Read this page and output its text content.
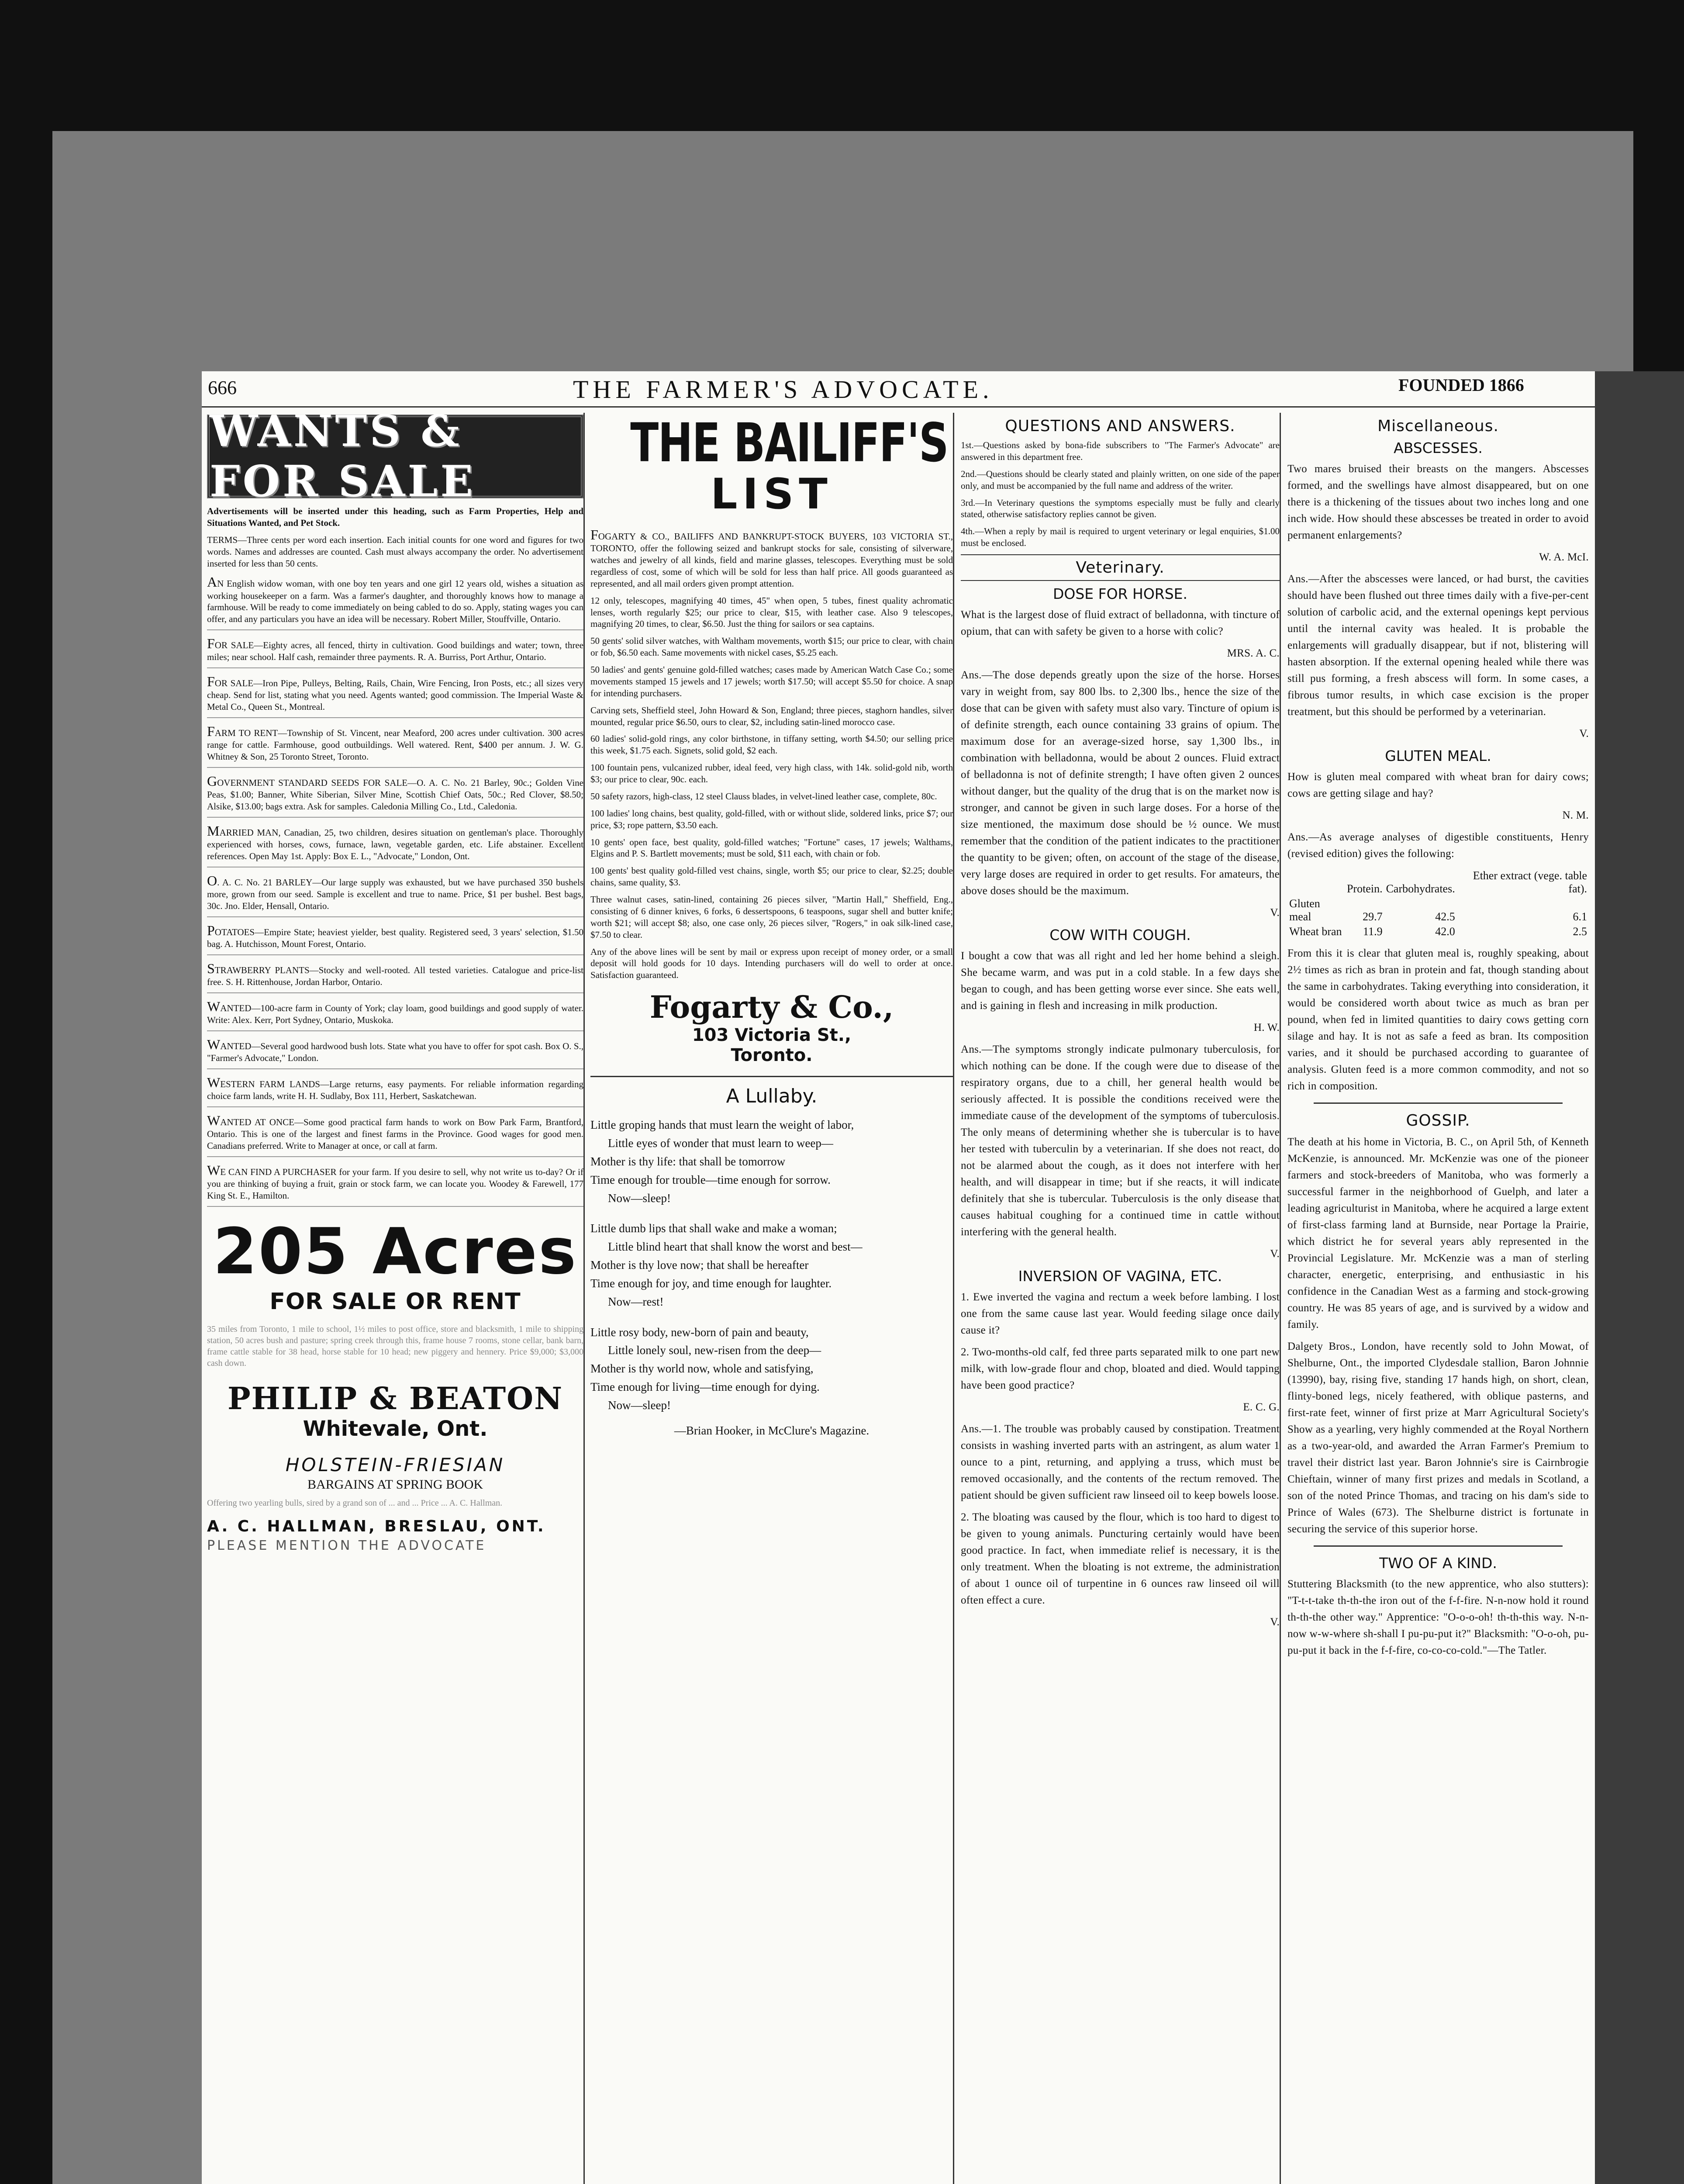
666	THE FARMER'S ADVOCATE.	FOUNDED 1866
WANTS & FOR SALE

Advertisements will be inserted under this heading, such as Farm Properties, Help and Situations Wanted, and Pet Stock.

TERMS—Three cents per word each insertion. Each initial counts for one word and figures for two words. Names and addresses are counted. Cash must always accompany the order. No advertisement inserted for less than 50 cents.

AN English widow woman, with one boy ten years and one girl 12 years old, wishes a situation as working housekeeper on a farm. Was a farmer's daughter, and thoroughly knows how to manage a farmhouse. Will be ready to come immediately on being cabled to do so. Apply, stating wages you can offer, and any particulars you have an idea will be necessary. Robert Miller, Stouffville, Ontario.

FOR SALE—Eighty acres, all fenced, thirty in cultivation. Good buildings and water; town, three miles; near school. Half cash, remainder three payments. R. A. Burriss, Port Arthur, Ontario.

FOR SALE—Iron Pipe, Pulleys, Belting, Rails, Chain, Wire Fencing, Iron Posts, etc.; all sizes very cheap. Send for list, stating what you need. Agents wanted; good commission. The Imperial Waste & Metal Co., Queen St., Montreal.

FARM TO RENT—Township of St. Vincent, near Meaford, 200 acres under cultivation. 300 acres range for cattle. Farmhouse, good outbuildings. Well watered. Rent, $400 per annum. J. W. G. Whitney & Son, 25 Toronto Street, Toronto.

GOVERNMENT STANDARD SEEDS FOR SALE—O. A. C. No. 21 Barley, 90c.; Golden Vine Peas, $1.00; Banner, White Siberian, Silver Mine, Scottish Chief Oats, 50c.; Red Clover, $8.50; Alsike, $13.00; bags extra. Ask for samples. Caledonia Milling Co., Ltd., Caledonia.

MARRIED MAN, Canadian, 25, two children, desires situation on gentleman's place. Thoroughly experienced with horses, cows, furnace, lawn, vegetable garden, etc. Life abstainer. Excellent references. Open May 1st. Apply: Box E. L., "Advocate," London, Ont.

O. A. C. No. 21 BARLEY—Our large supply was exhausted, but we have purchased 350 bushels more, grown from our seed. Sample is excellent and true to name. Price, $1 per bushel. Best bags, 30c. Jno. Elder, Hensall, Ontario.

POTATOES—Empire State; heaviest yielder, best quality. Registered seed, 3 years' selection, $1.50 bag. A. Hutchisson, Mount Forest, Ontario.

STRAWBERRY PLANTS—Stocky and well-rooted. All tested varieties. Catalogue and price-list free. S. H. Rittenhouse, Jordan Harbor, Ontario.

WANTED—100-acre farm in County of York; clay loam, good buildings and good supply of water. Write: Alex. Kerr, Port Sydney, Ontario, Muskoka.

WANTED—Several good hardwood bush lots. State what you have to offer for spot cash. Box O. S., "Farmer's Advocate," London.

WESTERN FARM LANDS—Large returns, easy payments. For reliable information regarding choice farm lands, write H. H. Sudlaby, Box 111, Herbert, Saskatchewan.

WANTED AT ONCE—Some good practical farm hands to work on Bow Park Farm, Brantford, Ontario. This is one of the largest and finest farms in the Province. Good wages for good men. Canadians preferred. Write to Manager at once, or call at farm.

WE CAN FIND A PURCHASER for your farm. If you desire to sell, why not write us to-day? Or if you are thinking of buying a fruit, grain or stock farm, we can locate you. Woodey & Farewell, 177 King St. E., Hamilton.

205 Acres
FOR SALE OR RENT
35 miles from Toronto, 1 mile to school, 1½ miles to post office, store and blacksmith, 1 mile to shipping station, 50 acres bush and pasture; spring creek through this, frame house 7 rooms, stone cellar, bank barn, frame cattle stable for 38 head, horse stable for 10 head; new piggery and hennery. Price $9,000; $3,000 cash down.
PHILIP & BEATON
Whitevale, Ont.
HOLSTEIN-FRIESIAN
BARGAINS AT SPRING BOOK
Offering two yearling bulls, sired by a grand son of ... and ... Price ... A. C. Hallman.
A. C. HALLMAN, BRESLAU, ONT.
PLEASE MENTION THE ADVOCATE
THE BAILIFF'S
LIST

FOGARTY & CO., BAILIFFS AND BANKRUPT-STOCK BUYERS, 103 VICTORIA ST., TORONTO, offer the following seized and bankrupt stocks for sale, consisting of silverware, watches and jewelry of all kinds, field and marine glasses, telescopes. Everything must be sold regardless of cost, some of which will be sold for less than half price. All goods guaranteed as represented, and all mail orders given prompt attention.

12 only, telescopes, magnifying 40 times, 45" when open, 5 tubes, finest quality achromatic lenses, worth regularly $25; our price to clear, $15, with leather case. Also 9 telescopes, magnifying 20 times, to clear, $6.50. Just the thing for sailors or sea captains.

50 gents' solid silver watches, with Waltham movements, worth $15; our price to clear, with chain or fob, $6.50 each. Same movements with nickel cases, $5.25 each.

50 ladies' and gents' genuine gold-filled watches; cases made by American Watch Case Co.; some movements stamped 15 jewels and 17 jewels; worth $17.50; will accept $5.50 for choice. A snap for intending purchasers.

Carving sets, Sheffield steel, John Howard & Son, England; three pieces, staghorn handles, silver mounted, regular price $6.50, ours to clear, $2, including satin-lined morocco case.

60 ladies' solid-gold rings, any color birthstone, in tiffany setting, worth $4.50; our selling price this week, $1.75 each. Signets, solid gold, $2 each.

100 fountain pens, vulcanized rubber, ideal feed, very high class, with 14k. solid-gold nib, worth $3; our price to clear, 90c. each.

50 safety razors, high-class, 12 steel Clauss blades, in velvet-lined leather case, complete, 80c.

100 ladies' long chains, best quality, gold-filled, with or without slide, soldered links, price $7; our price, $3; rope pattern, $3.50 each.

10 gents' open face, best quality, gold-filled watches; "Fortune" cases, 17 jewels; Walthams, Elgins and P. S. Bartlett movements; must be sold, $11 each, with chain or fob.

100 gents' best quality gold-filled vest chains, single, worth $5; our price to clear, $2.25; double chains, same quality, $3.

Three walnut cases, satin-lined, containing 26 pieces silver, "Martin Hall," Sheffield, Eng., consisting of 6 dinner knives, 6 forks, 6 dessertspoons, 6 teaspoons, sugar shell and butter knife; worth $21; will accept $8; also, one case only, 26 pieces silver, "Rogers," in oak silk-lined case, $7.50 to clear.

Any of the above lines will be sent by mail or express upon receipt of money order, or a small deposit will hold goods for 10 days. Intending purchasers will do well to order at once. Satisfaction guaranteed.

Fogarty & Co.,
103 Victoria St.,
Toronto.
A Lullaby.

Little groping hands that must learn the weight of labor,

Little eyes of wonder that must learn to weep—

Mother is thy life: that shall be tomorrow

Time enough for trouble—time enough for sorrow.

Now—sleep!

Little dumb lips that shall wake and make a woman;

Little blind heart that shall know the worst and best—

Mother is thy love now; that shall be hereafter

Time enough for joy, and time enough for laughter.

Now—rest!

Little rosy body, new-born of pain and beauty,

Little lonely soul, new-risen from the deep—

Mother is thy world now, whole and satisfying,

Time enough for living—time enough for dying.

Now—sleep!

—Brian Hooker, in McClure's Magazine.

QUESTIONS AND ANSWERS.

1st.—Questions asked by bona-fide subscribers to "The Farmer's Advocate" are answered in this department free.

2nd.—Questions should be clearly stated and plainly written, on one side of the paper only, and must be accompanied by the full name and address of the writer.

3rd.—In Veterinary questions the symptoms especially must be fully and clearly stated, otherwise satisfactory replies cannot be given.

4th.—When a reply by mail is required to urgent veterinary or legal enquiries, $1.00 must be enclosed.

Veterinary.
DOSE FOR HORSE.

What is the largest dose of fluid extract of belladonna, with tincture of opium, that can with safety be given to a horse with colic?

MRS. A. C.

Ans.—The dose depends greatly upon the size of the horse. Horses vary in weight from, say 800 lbs. to 2,300 lbs., hence the size of the dose that can be given with safety must also vary. Tincture of opium is of definite strength, each ounce containing 33 grains of opium. The maximum dose for an average-sized horse, say 1,300 lbs., in combination with belladonna, would be about 2 ounces. Fluid extract of belladonna is not of definite strength; I have often given 2 ounces without danger, but the quality of the drug that is on the market now is stronger, and cannot be given in such large doses. For a horse of the size mentioned, the maximum dose should be ½ ounce. We must remember that the condition of the patient indicates to the practitioner the quantity to be given; often, on account of the stage of the disease, very large doses are required in order to get results. For amateurs, the above doses should be the maximum.

V.

COW WITH COUGH.

I bought a cow that was all right and led her home behind a sleigh. She became warm, and was put in a cold stable. In a few days she began to cough, and has been getting worse ever since. She eats well, and is gaining in flesh and increasing in milk production.

H. W.

Ans.—The symptoms strongly indicate pulmonary tuberculosis, for which nothing can be done. If the cough were due to disease of the respiratory organs, due to a chill, her general health would be seriously affected. It is possible the conditions received were the immediate cause of the development of the symptoms of tuberculosis. The only means of determining whether she is tubercular is to have her tested with tuberculin by a veterinarian. If she does not react, do not be alarmed about the cough, as it does not interfere with her health, and will disappear in time; but if she reacts, it will indicate definitely that she is tubercular. Tuberculosis is the only disease that causes habitual coughing for a continued time in cattle without interfering with the general health.

V.

INVERSION OF VAGINA, ETC.

1. Ewe inverted the vagina and rectum a week before lambing. I lost one from the same cause last year. Would feeding silage once daily cause it?

2. Two-months-old calf, fed three parts separated milk to one part new milk, with low-grade flour and chop, bloated and died. Would tapping have been good practice?

E. C. G.

Ans.—1. The trouble was probably caused by constipation. Treatment consists in washing inverted parts with an astringent, as alum water 1 ounce to a pint, returning, and applying a truss, which must be removed occasionally, and the contents of the rectum removed. The patient should be given sufficient raw linseed oil to keep bowels loose.

2. The bloating was caused by the flour, which is too hard to digest to be given to young animals. Puncturing certainly would have been good practice. In fact, when immediate relief is necessary, it is the only treatment. When the bloating is not extreme, the administration of about 1 ounce oil of turpentine in 6 ounces raw linseed oil will often effect a cure.

V.

Miscellaneous.
ABSCESSES.

Two mares bruised their breasts on the mangers. Abscesses formed, and the swellings have almost disappeared, but on one there is a thickening of the tissues about two inches long and one inch wide. How should these abscesses be treated in order to avoid permanent enlargements?

W. A. McI.

Ans.—After the abscesses were lanced, or had burst, the cavities should have been flushed out three times daily with a five-per-cent solution of carbolic acid, and the external openings kept pervious until the internal cavity was healed. It is probable the enlargements will gradually disappear, but if not, blistering will hasten absorption. If the external opening healed while there was still pus forming, a fresh abscess will form. In some cases, a fibrous tumor results, in which case excision is the proper treatment, but this should be performed by a veterinarian.

V.

GLUTEN MEAL.

How is gluten meal compared with wheat bran for dairy cows; cows are getting silage and hay?

N. M.

Ans.—As average analyses of digestible constituents, Henry (revised edition) gives the following:

	Protein.	Carbohydrates.	Ether extract (vege. table fat).
Gluten meal	29.7	42.5	6.1
Wheat bran	11.9	42.0	2.5

From this it is clear that gluten meal is, roughly speaking, about 2½ times as rich as bran in protein and fat, though standing about the same in carbohydrates. Taking everything into consideration, it would be considered worth about twice as much as bran per pound, when fed in limited quantities to dairy cows getting corn silage and hay. It is not as safe a feed as bran. Its composition varies, and it should be purchased according to guarantee of analysis. Gluten feed is a more common commodity, and not so rich in composition.

GOSSIP.

The death at his home in Victoria, B. C., on April 5th, of Kenneth McKenzie, is announced. Mr. McKenzie was one of the pioneer farmers and stock-breeders of Manitoba, who was formerly a successful farmer in the neighborhood of Guelph, and later a leading agriculturist in Manitoba, where he acquired a large extent of first-class farming land at Burnside, near Portage la Prairie, which district he for several years ably represented in the Provincial Legislature. Mr. McKenzie was a man of sterling character, energetic, enterprising, and enthusiastic in his confidence in the Canadian West as a farming and stock-growing country. He was 85 years of age, and is survived by a widow and family.

Dalgety Bros., London, have recently sold to John Mowat, of Shelburne, Ont., the imported Clydesdale stallion, Baron Johnnie (13990), bay, rising five, standing 17 hands high, on short, clean, flinty-boned legs, nicely feathered, with oblique pasterns, and first-rate feet, winner of first prize at Marr Agricultural Society's Show as a yearling, very highly commended at the Royal Northern as a two-year-old, and awarded the Arran Farmer's Premium to travel their district last year. Baron Johnnie's sire is Cairnbrogie Chieftain, winner of many first prizes and medals in Scotland, a son of the noted Prince Thomas, and tracing on his dam's side to Prince of Wales (673). The Shelburne district is fortunate in securing the service of this superior horse.

TWO OF A KIND.

Stuttering Blacksmith (to the new apprentice, who also stutters): "T-t-t-take th-th-the iron out of the f-f-fire. N-n-now hold it round th-th-the other way." Apprentice: "O-o-o-oh! th-th-this way. N-n-now w-w-where sh-shall I pu-pu-put it?" Blacksmith: "O-o-oh, pu-pu-put it back in the f-f-fire, co-co-co-cold."—The Tatler.
